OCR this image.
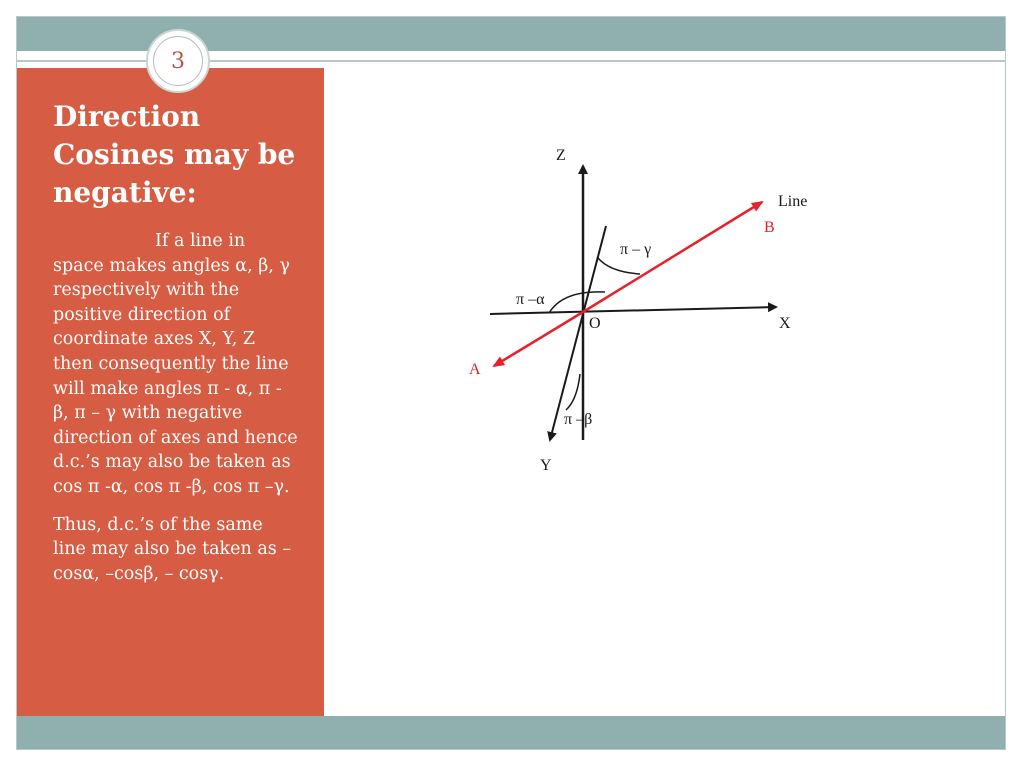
3
Direction Cosines may be negative:

If a line in space makes angles α, β, γ respectively with the positive direction of coordinate axes X, Y, Z then consequently the line will make angles π - α, π - β, π – γ with negative direction of axes and hence d.c.’s may also be taken as cos π -α, cos π -β, cos π –γ.

Thus, d.c.’s of the same line may also be taken as – cosα, –cosβ, – cosγ.

Z
X
Y
O
Line
B
A
π – γ
π –α
π –β
